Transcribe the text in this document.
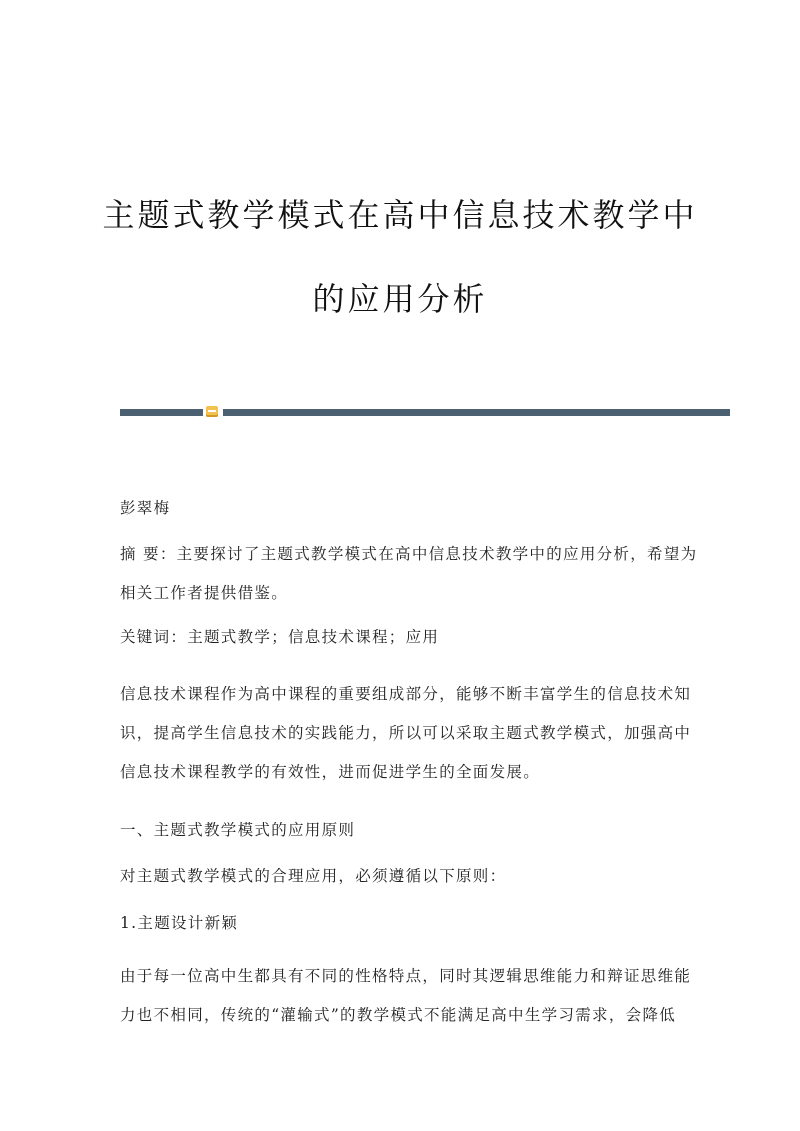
主题式教学模式在高中信息技术教学中
的应用分析

彭翠梅

摘 要：主要探讨了主题式教学模式在高中信息技术教学中的应用分析，希望为

相关工作者提供借鉴。

关键词：主题式教学；信息技术课程；应用

信息技术课程作为高中课程的重要组成部分，能够不断丰富学生的信息技术知

识，提高学生信息技术的实践能力，所以可以采取主题式教学模式，加强高中

信息技术课程教学的有效性，进而促进学生的全面发展。

一、主题式教学模式的应用原则

对主题式教学模式的合理应用，必须遵循以下原则：

1.主题设计新颖

由于每一位高中生都具有不同的性格特点，同时其逻辑思维能力和辩证思维能

力也不相同，传统的“灌输式”的教学模式不能满足高中生学习需求，会降低
